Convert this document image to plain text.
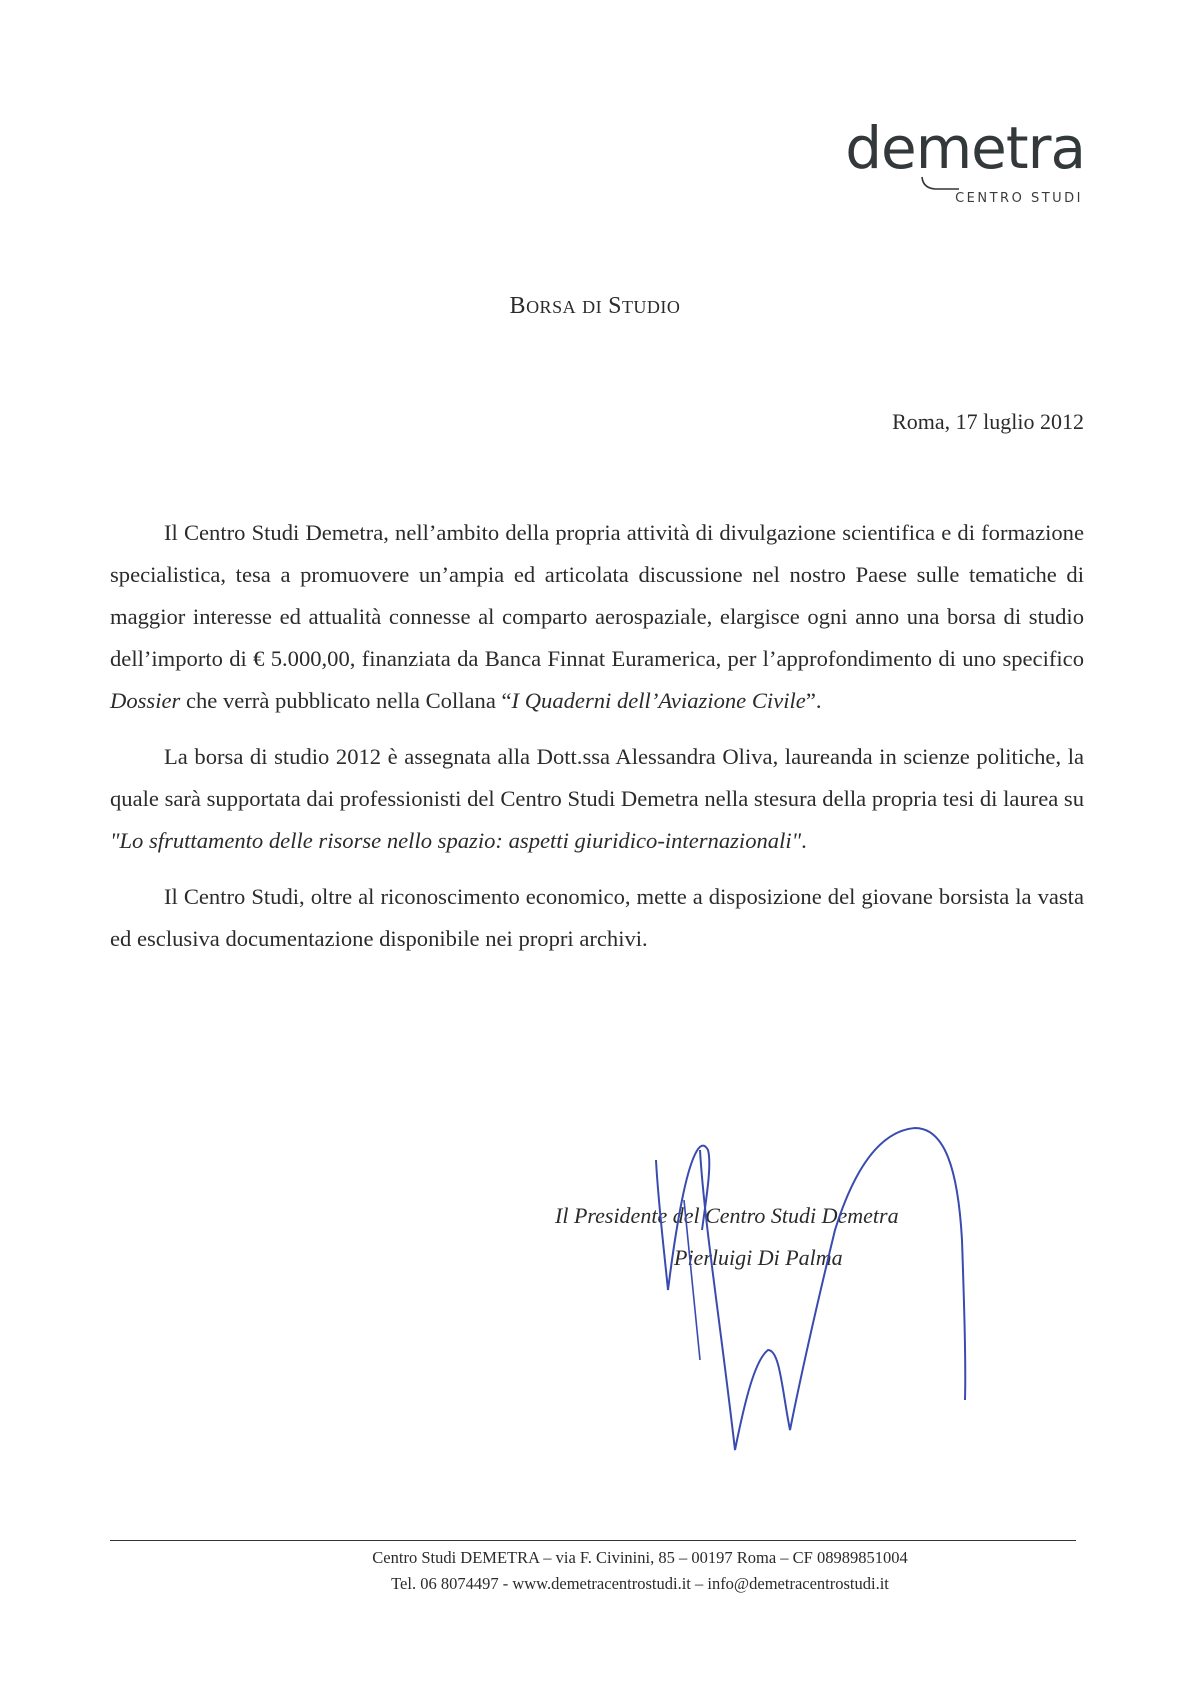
demetra
CENTRO STUDI
BORSA DI STUDIO
Roma, 17 luglio 2012

Il Centro Studi Demetra, nell’ambito della propria attività di divulgazione scientifica e di formazione specialistica, tesa a promuovere un’ampia ed articolata discussione nel nostro Paese sulle tematiche di maggior interesse ed attualità connesse al comparto aerospaziale, elargisce ogni anno una borsa di studio dell’importo di € 5.000,00, finanziata da Banca Finnat Euramerica, per l’approfondimento di uno specifico Dossier che verrà pubblicato nella Collana “I Quaderni dell’Aviazione Civile”.

La borsa di studio 2012 è assegnata alla Dott.ssa Alessandra Oliva, laureanda in scienze politiche, la quale sarà supportata dai professionisti del Centro Studi Demetra nella stesura della propria tesi di laurea su "Lo sfruttamento delle risorse nello spazio: aspetti giuridico-internazionali".

Il Centro Studi, oltre al riconoscimento economico, mette a disposizione del giovane borsista la vasta ed esclusiva documentazione disponibile nei propri archivi.

Il Presidente del Centro Studi Demetra
Pierluigi Di Palma
Centro Studi DEMETRA – via F. Civinini, 85 – 00197 Roma – CF 08989851004
Tel. 06 8074497 - www.demetracentrostudi.it – info@demetracentrostudi.it
